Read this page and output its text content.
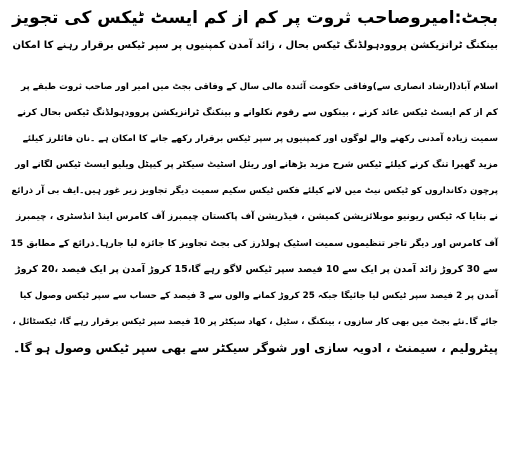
بجٹ:امیروصاحب ثروت پر کم از کم ایسٹ ٹیکس کی تجویز
بینکنگ ٹرانزیکشن پروودہولڈنگ ٹیکس بحال ، زائد آمدن کمپنیوں پر سپر ٹیکس برقرار رہنے کا امکان
اسلام آباد(ارشاد انصاری سے)وفاقی حکومت آئندہ مالی سال کے وفاقی بجٹ میں امیر اور صاحب ثروت طبقے پر
کم از کم ایسٹ ٹیکس عائد کرنے ، بینکوں سے رقوم نکلوانے و بینکنگ ٹرانزیکشن پروودہولڈنگ ٹیکس بحال کرنے
سمیت زیادہ آمدنی رکھنے والے لوگوں اور کمپنیوں پر سپر ٹیکس برقرار رکھے جانے کا امکان ہے ۔نان فائلرز کیلئے
مزید گھیرا تنگ کرنے کیلئے ٹیکس شرح مزید بڑھانے اور ریئل اسٹیٹ سیکٹر پر کیپٹل ویلیو ایسٹ ٹیکس لگانے اور
پرچون دکانداروں کو ٹیکس نیٹ میں لانے کیلئے فکس ٹیکس سکیم سمیت دیگر تجاویز زیر غور ہیں۔ایف بی آر ذرائع
نے بتایا کہ ٹیکس ریونیو موبلائزیشن کمیشن ، فیڈریشن آف پاکستان چیمبرز آف کامرس اینڈ انڈسٹری ، چیمبرز
آف کامرس اور دیگر تاجر تنظیموں سمیت اسٹیک ہولڈرز کی بجٹ تجاویز کا جائزہ لیا جارہا۔ذرائع کے مطابق 15
سے 30 کروڑ زائد آمدن پر ایک سے 10 فیصد سپر ٹیکس لاگو رہے گا،15 کروڑ آمدن پر ایک فیصد ،20 کروڑ
آمدن پر 2 فیصد سپر ٹیکس لیا جائیگا جبکہ 25 کروڑ کمانے والوں سے 3 فیصد کے حساب سے سپر ٹیکس وصول کیا
جائے گا۔نئے بجٹ میں بھی کار سازوں ، بینکنگ ، سٹیل ، کھاد سیکٹر پر 10 فیصد سپر ٹیکس برقرار رہے گا، ٹیکسٹائل ،
پیٹرولیم ، سیمنٹ ، ادویہ سازی اور شوگر سیکٹر سے بھی سپر ٹیکس وصول ہو گا۔
